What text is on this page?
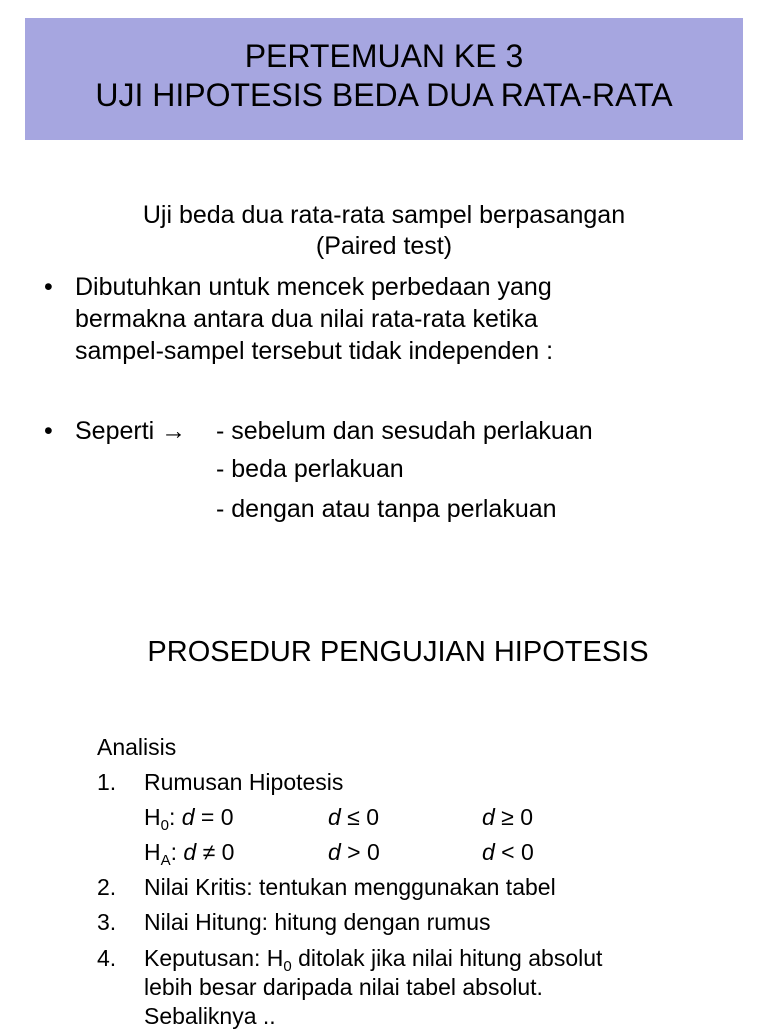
PERTEMUAN KE 3
UJI HIPOTESIS BEDA DUA RATA-RATA
Uji beda dua rata-rata sampel berpasangan
(Paired test)
• Dibutuhkan untuk mencek perbedaan yang
bermakna antara dua nilai rata-rata ketika
sampel-sampel tersebut tidak independen :
• Seperti → - sebelum dan sesudah perlakuan
- beda perlakuan
- dengan atau tanpa perlakuan
PROSEDUR PENGUJIAN HIPOTESIS
Analisis
1. Rumusan Hipotesis
$H_0$: d = 0	d ≤ 0	d ≥ 0
$H_A$: d ≠ 0	d > 0	d < 0
2. Nilai Kritis: tentukan menggunakan tabel
3. Nilai Hitung: hitung dengan rumus
4. Keputusan: $H_0$ ditolak jika nilai hitung absolut
lebih besar daripada nilai tabel absolut.
Sebaliknya ..
